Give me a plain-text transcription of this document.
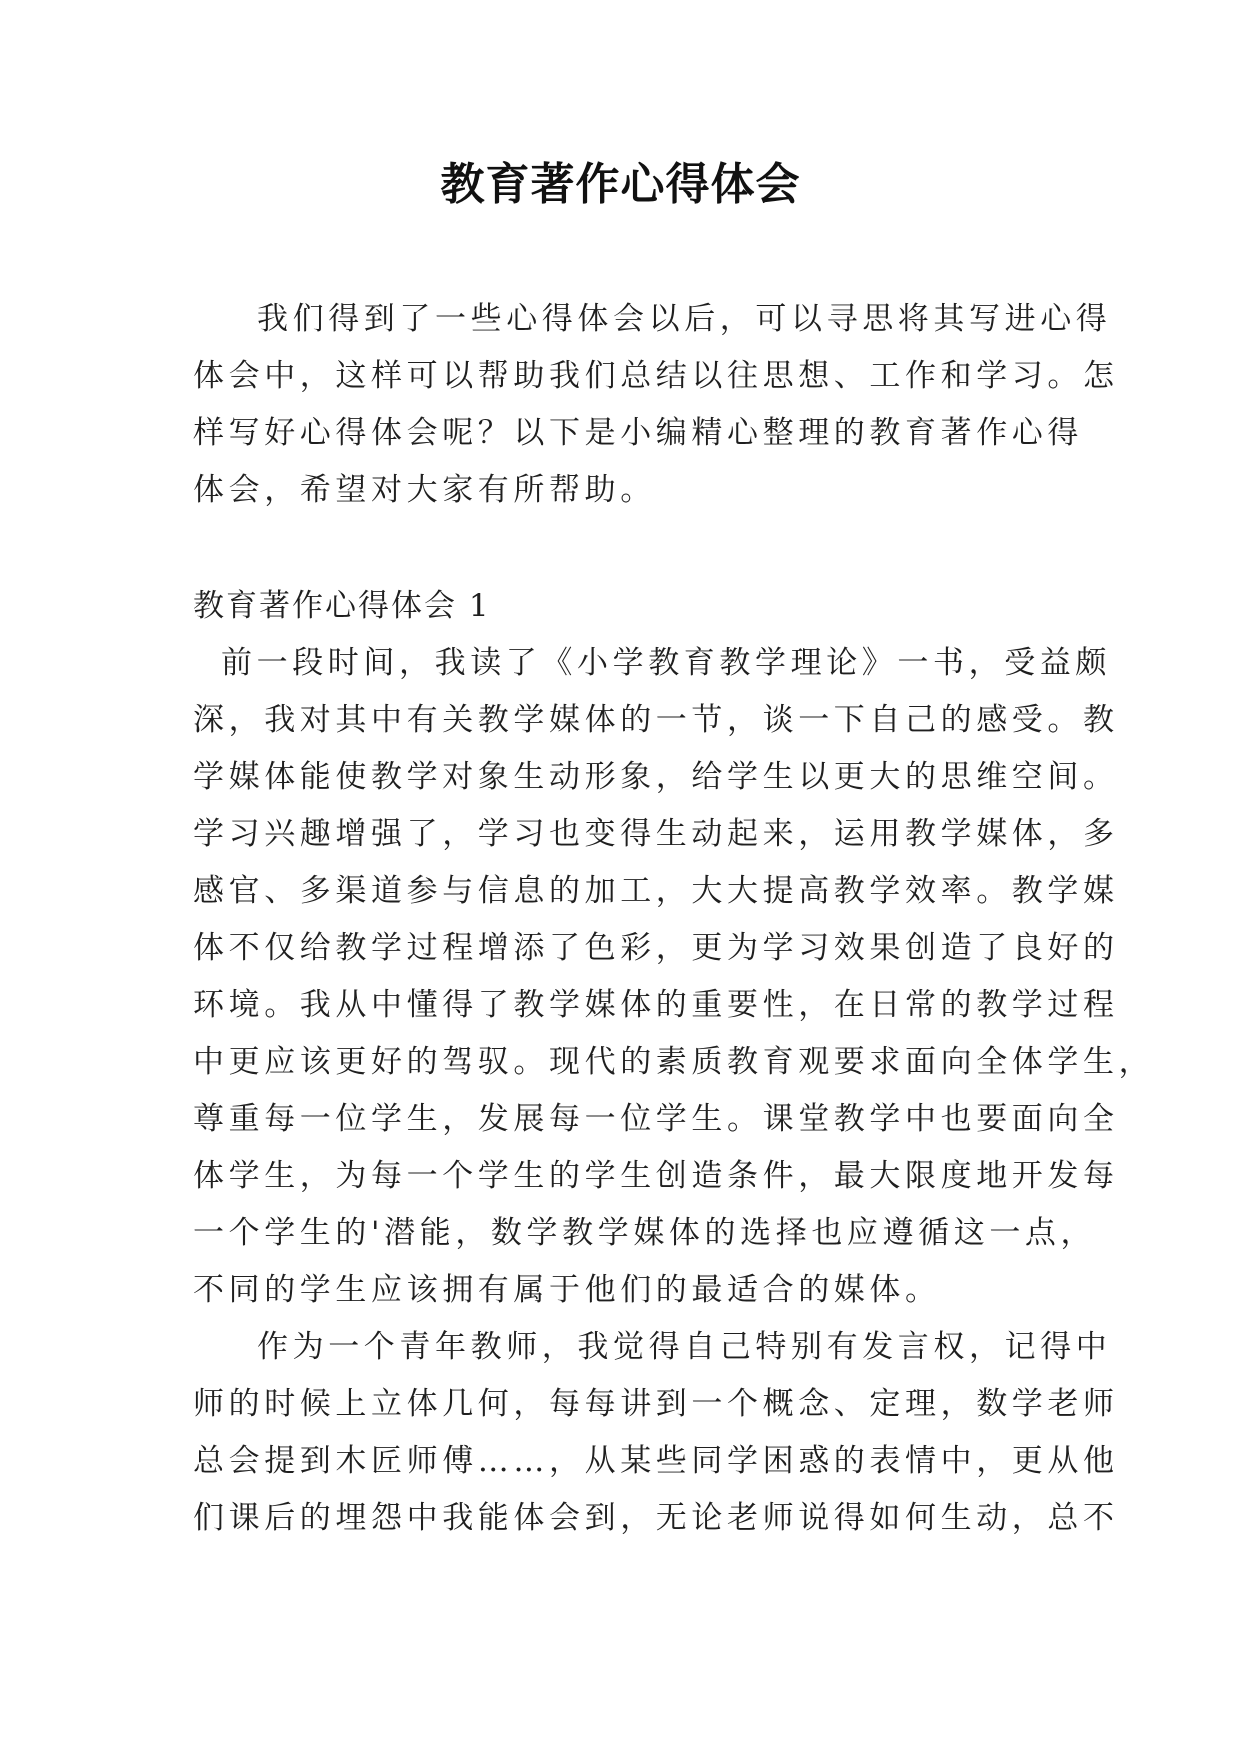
教育著作心得体会

我们得到了一些心得体会以后，可以寻思将其写进心得

体会中，这样可以帮助我们总结以往思想、工作和学习。怎

样写好心得体会呢？以下是小编精心整理的教育著作心得

体会，希望对大家有所帮助。

教育著作心得体会 1

前一段时间，我读了《小学教育教学理论》一书，受益颇

深，我对其中有关教学媒体的一节，谈一下自己的感受。教

学媒体能使教学对象生动形象，给学生以更大的思维空间。

学习兴趣增强了，学习也变得生动起来，运用教学媒体，多

感官、多渠道参与信息的加工，大大提高教学效率。教学媒

体不仅给教学过程增添了色彩，更为学习效果创造了良好的

环境。我从中懂得了教学媒体的重要性，在日常的教学过程

中更应该更好的驾驭。现代的素质教育观要求面向全体学生，

尊重每一位学生，发展每一位学生。课堂教学中也要面向全

体学生，为每一个学生的学生创造条件，最大限度地开发每

一个学生的'潜能，数学教学媒体的选择也应遵循这一点，

不同的学生应该拥有属于他们的最适合的媒体。

作为一个青年教师，我觉得自己特别有发言权，记得中

师的时候上立体几何，每每讲到一个概念、定理，数学老师

总会提到木匠师傅……，从某些同学困惑的表情中，更从他

们课后的埋怨中我能体会到，无论老师说得如何生动，总不
